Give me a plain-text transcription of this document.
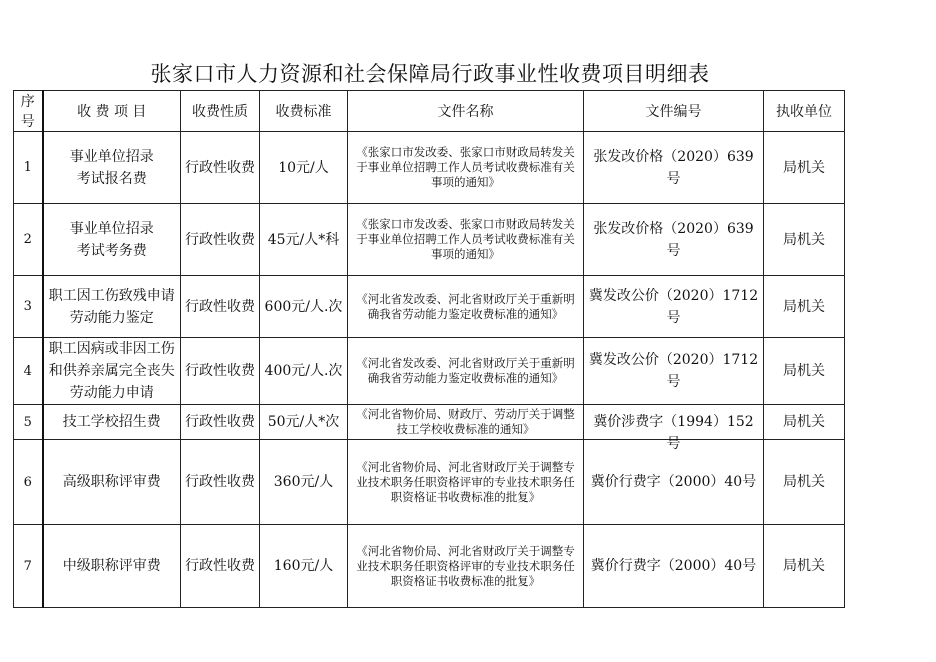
张家口市人力资源和社会保障局行政事业性收费项目明细表
序号	收 费 项 目	收费性质	收费标准	文件名称	文件编号	执收单位
1	事业单位招录考试报名费	行政性收费	10元/人	《张家口市发改委、张家口市财政局转发关于事业单位招聘工作人员考试收费标准有关事项的通知》	张发改价格（2020）639号	局机关
2	事业单位招录考试考务费	行政性收费	45元/人*科	《张家口市发改委、张家口市财政局转发关于事业单位招聘工作人员考试收费标准有关事项的通知》	张发改价格（2020）639号	局机关
3	职工因工伤致残申请劳动能力鉴定	行政性收费	600元/人.次	《河北省发改委、河北省财政厅关于重新明确我省劳动能力鉴定收费标准的通知》	冀发改公价（2020）1712号	局机关
4	职工因病或非因工伤和供养亲属完全丧失劳动能力申请	行政性收费	400元/人.次	《河北省发改委、河北省财政厅关于重新明确我省劳动能力鉴定收费标准的通知》	冀发改公价（2020）1712号	局机关
5	技工学校招生费	行政性收费	50元/人*次	《河北省物价局、财政厅、劳动厅关于调整技工学校收费标准的通知》	冀价涉费字（1994）152号	局机关
6	高级职称评审费	行政性收费	360元/人	《河北省物价局、河北省财政厅关于调整专业技术职务任职资格评审的专业技术职务任职资格证书收费标准的批复》	冀价行费字（2000）40号	局机关
7	中级职称评审费	行政性收费	160元/人	《河北省物价局、河北省财政厅关于调整专业技术职务任职资格评审的专业技术职务任职资格证书收费标准的批复》	冀价行费字（2000）40号	局机关
